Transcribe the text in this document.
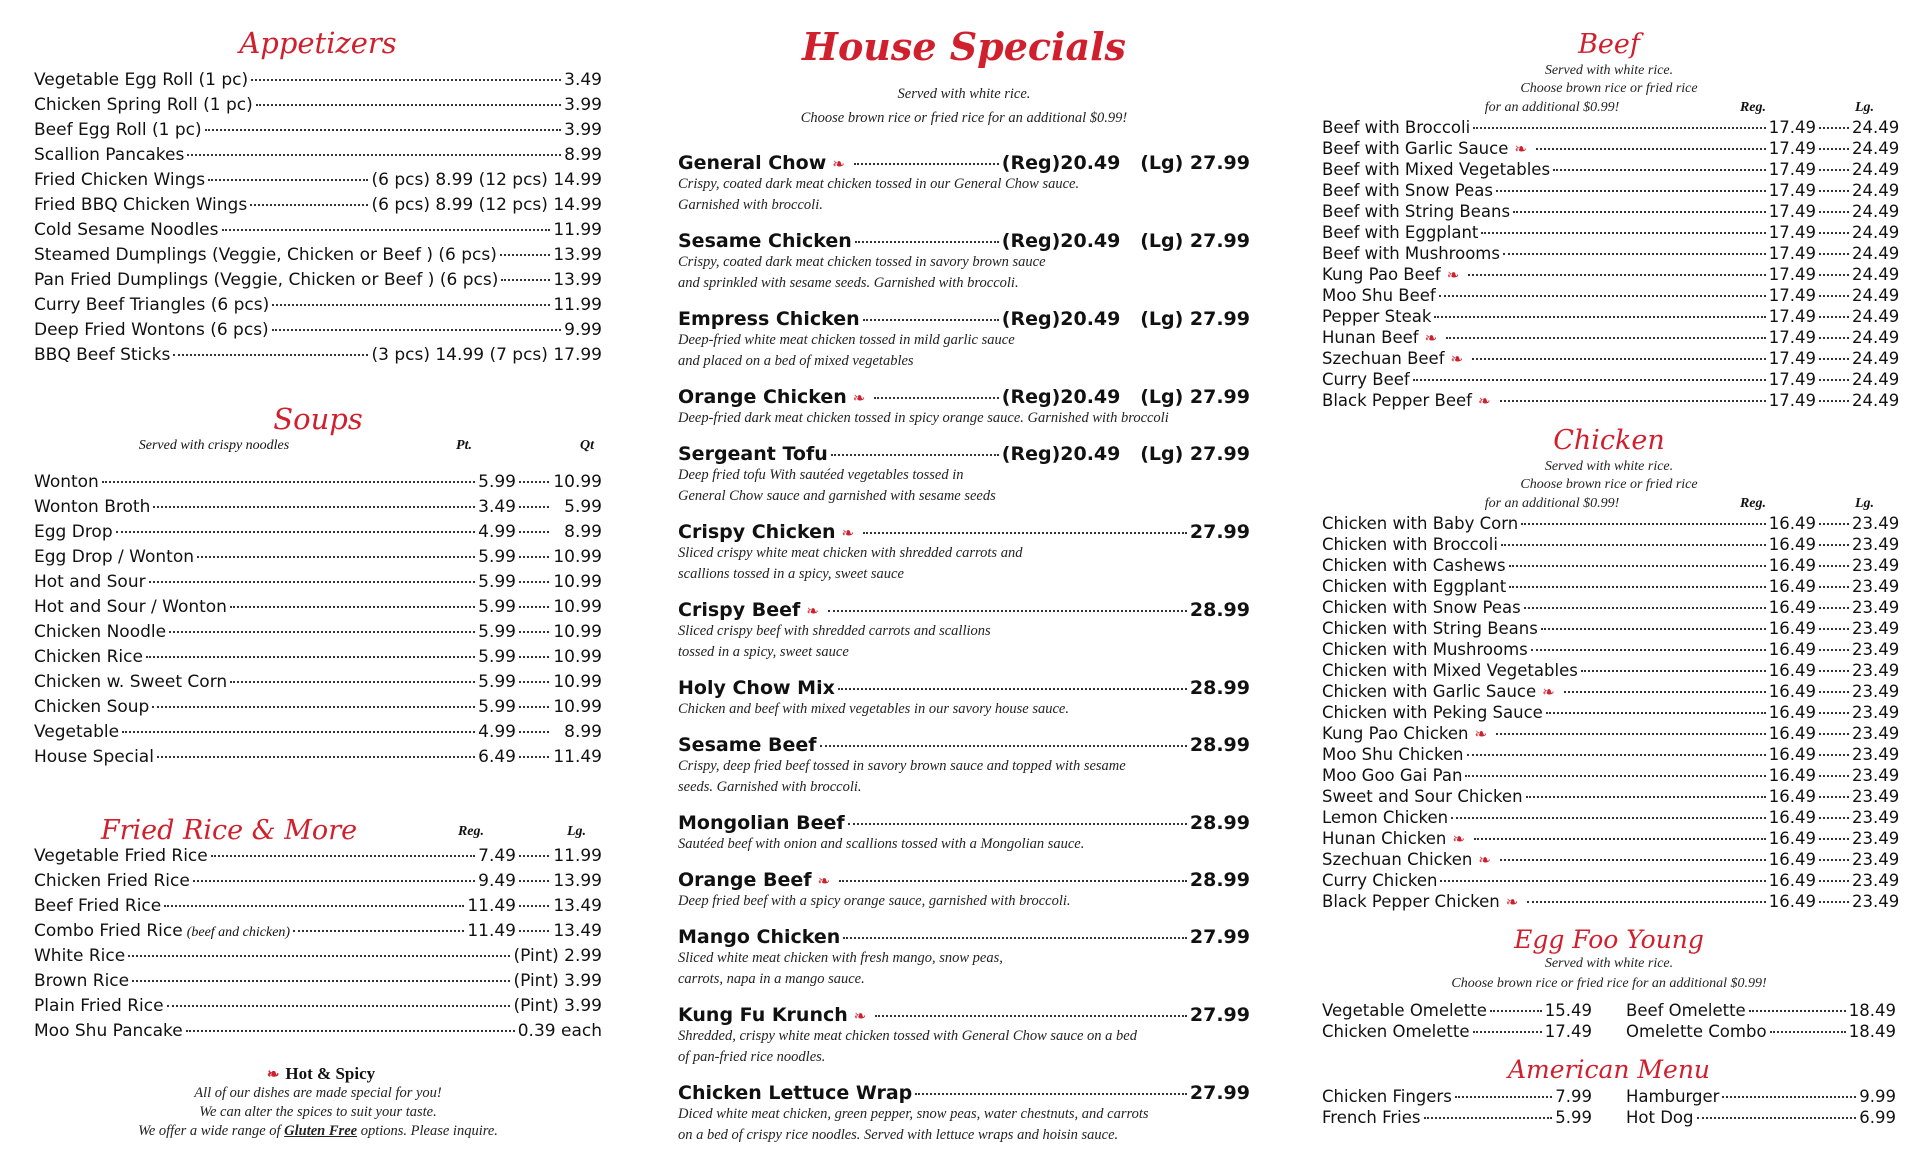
Appetizers
Vegetable Egg Roll (1 pc)	3.49
Chicken Spring Roll (1 pc)	3.99
Beef Egg Roll (1 pc)	3.99
Scallion Pancakes	8.99
Fried Chicken Wings	(6 pcs) 8.99 (12 pcs) 14.99
Fried BBQ Chicken Wings	(6 pcs) 8.99 (12 pcs) 14.99
Cold Sesame Noodles	11.99
Steamed Dumplings (Veggie, Chicken or Beef ) (6 pcs)	13.99
Pan Fried Dumplings (Veggie, Chicken or Beef ) (6 pcs)	13.99
Curry Beef Triangles (6 pcs)	11.99
Deep Fried Wontons (6 pcs)	9.99
BBQ Beef Sticks	(3 pcs) 14.99 (7 pcs) 17.99
Soups
Served with crispy noodles	Pt.	Qt
Wonton	5.99 10.99
Wonton Broth	3.49	5.99
Egg Drop	4.99	8.99
Egg Drop / Wonton	5.99 10.99
Hot and Sour	5.99 10.99
Hot and Sour / Wonton	5.99 10.99
Chicken Noodle	5.99 10.99
Chicken Rice	5.99 10.99
Chicken w. Sweet Corn	5.99 10.99
Chicken Soup	5.99 10.99
Vegetable	4.99	8.99
House Special	6.49 11.49
Fried Rice & More	Reg.	Lg.
Vegetable Fried Rice	7.49 11.99
Chicken Fried Rice	9.49 13.99
Beef Fried Rice	11.49 13.49
Combo Fried Rice (beef and chicken)	11.49 13.49
White Rice	(Pint) 2.99
Brown Rice	(Pint) 3.99
Plain Fried Rice	(Pint) 3.99
Moo Shu Pancake	0.39 each
❧ Hot & Spicy
All of our dishes are made special for you!
We can alter the spices to suit your taste.
We offer a wide range of Gluten Free options. Please inquire.
House Specials
Served with white rice.
Choose brown rice or fried rice for an additional $0.99!
General Chow ❧	(Reg)20.49   (Lg) 27.99
Crispy, coated dark meat chicken tossed in our General Chow sauce.
Garnished with broccoli.
Sesame Chicken	(Reg)20.49   (Lg) 27.99
Crispy, coated dark meat chicken tossed in savory brown sauce
and sprinkled with sesame seeds. Garnished with broccoli.
Empress Chicken	(Reg)20.49   (Lg) 27.99
Deep-fried white meat chicken tossed in mild garlic sauce
and placed on a bed of mixed vegetables
Orange Chicken ❧	(Reg)20.49   (Lg) 27.99
Deep-fried dark meat chicken tossed in spicy orange sauce. Garnished with broccoli
Sergeant Tofu	(Reg)20.49   (Lg) 27.99
Deep fried tofu With sautéed vegetables tossed in
General Chow sauce and garnished with sesame seeds
Crispy Chicken ❧	27.99
Sliced crispy white meat chicken with shredded carrots and
scallions tossed in a spicy, sweet sauce
Crispy Beef ❧	28.99
Sliced crispy beef with shredded carrots and scallions
tossed in a spicy, sweet sauce
Holy Chow Mix	28.99
Chicken and beef with mixed vegetables in our savory house sauce.
Sesame Beef	28.99
Crispy, deep fried beef tossed in savory brown sauce and topped with sesame
seeds. Garnished with broccoli.
Mongolian Beef	28.99
Sautéed beef with onion and scallions tossed with a Mongolian sauce.
Orange Beef ❧	28.99
Deep fried beef with a spicy orange sauce, garnished with broccoli.
Mango Chicken	27.99
Sliced white meat chicken with fresh mango, snow peas,
carrots, napa in a mango sauce.
Kung Fu Krunch ❧	27.99
Shredded, crispy white meat chicken tossed with General Chow sauce on a bed
of pan-fried rice noodles.
Chicken Lettuce Wrap	27.99
Diced white meat chicken, green pepper, snow peas, water chestnuts, and carrots
on a bed of crispy rice noodles. Served with lettuce wraps and hoisin sauce.
Beef
Served with white rice.
Choose brown rice or fried rice
for an additional $0.99!	Reg.	Lg.
Beef with Broccoli	17.49 24.49
Beef with Garlic Sauce ❧	17.49 24.49
Beef with Mixed Vegetables	17.49 24.49
Beef with Snow Peas	17.49 24.49
Beef with String Beans	17.49 24.49
Beef with Eggplant	17.49 24.49
Beef with Mushrooms	17.49 24.49
Kung Pao Beef ❧	17.49 24.49
Moo Shu Beef	17.49 24.49
Pepper Steak	17.49 24.49
Hunan Beef ❧	17.49 24.49
Szechuan Beef ❧	17.49 24.49
Curry Beef	17.49 24.49
Black Pepper Beef ❧	17.49 24.49
Chicken
Served with white rice.
Choose brown rice or fried rice
for an additional $0.99!	Reg.	Lg.
Chicken with Baby Corn	16.49 23.49
Chicken with Broccoli	16.49 23.49
Chicken with Cashews	16.49 23.49
Chicken with Eggplant	16.49 23.49
Chicken with Snow Peas	16.49 23.49
Chicken with String Beans	16.49 23.49
Chicken with Mushrooms	16.49 23.49
Chicken with Mixed Vegetables	16.49 23.49
Chicken with Garlic Sauce ❧	16.49 23.49
Chicken with Peking Sauce	16.49 23.49
Kung Pao Chicken ❧	16.49 23.49
Moo Shu Chicken	16.49 23.49
Moo Goo Gai Pan	16.49 23.49
Sweet and Sour Chicken	16.49 23.49
Lemon Chicken	16.49 23.49
Hunan Chicken ❧	16.49 23.49
Szechuan Chicken ❧	16.49 23.49
Curry Chicken	16.49 23.49
Black Pepper Chicken ❧	16.49 23.49
Egg Foo Young
Served with white rice.
Choose brown rice or fried rice for an additional $0.99!
Vegetable Omelette	15.49
Chicken Omelette	17.49
Beef Omelette	18.49
Omelette Combo	18.49
American Menu
Chicken Fingers	7.99
French Fries	5.99
Hamburger	9.99
Hot Dog	6.99
